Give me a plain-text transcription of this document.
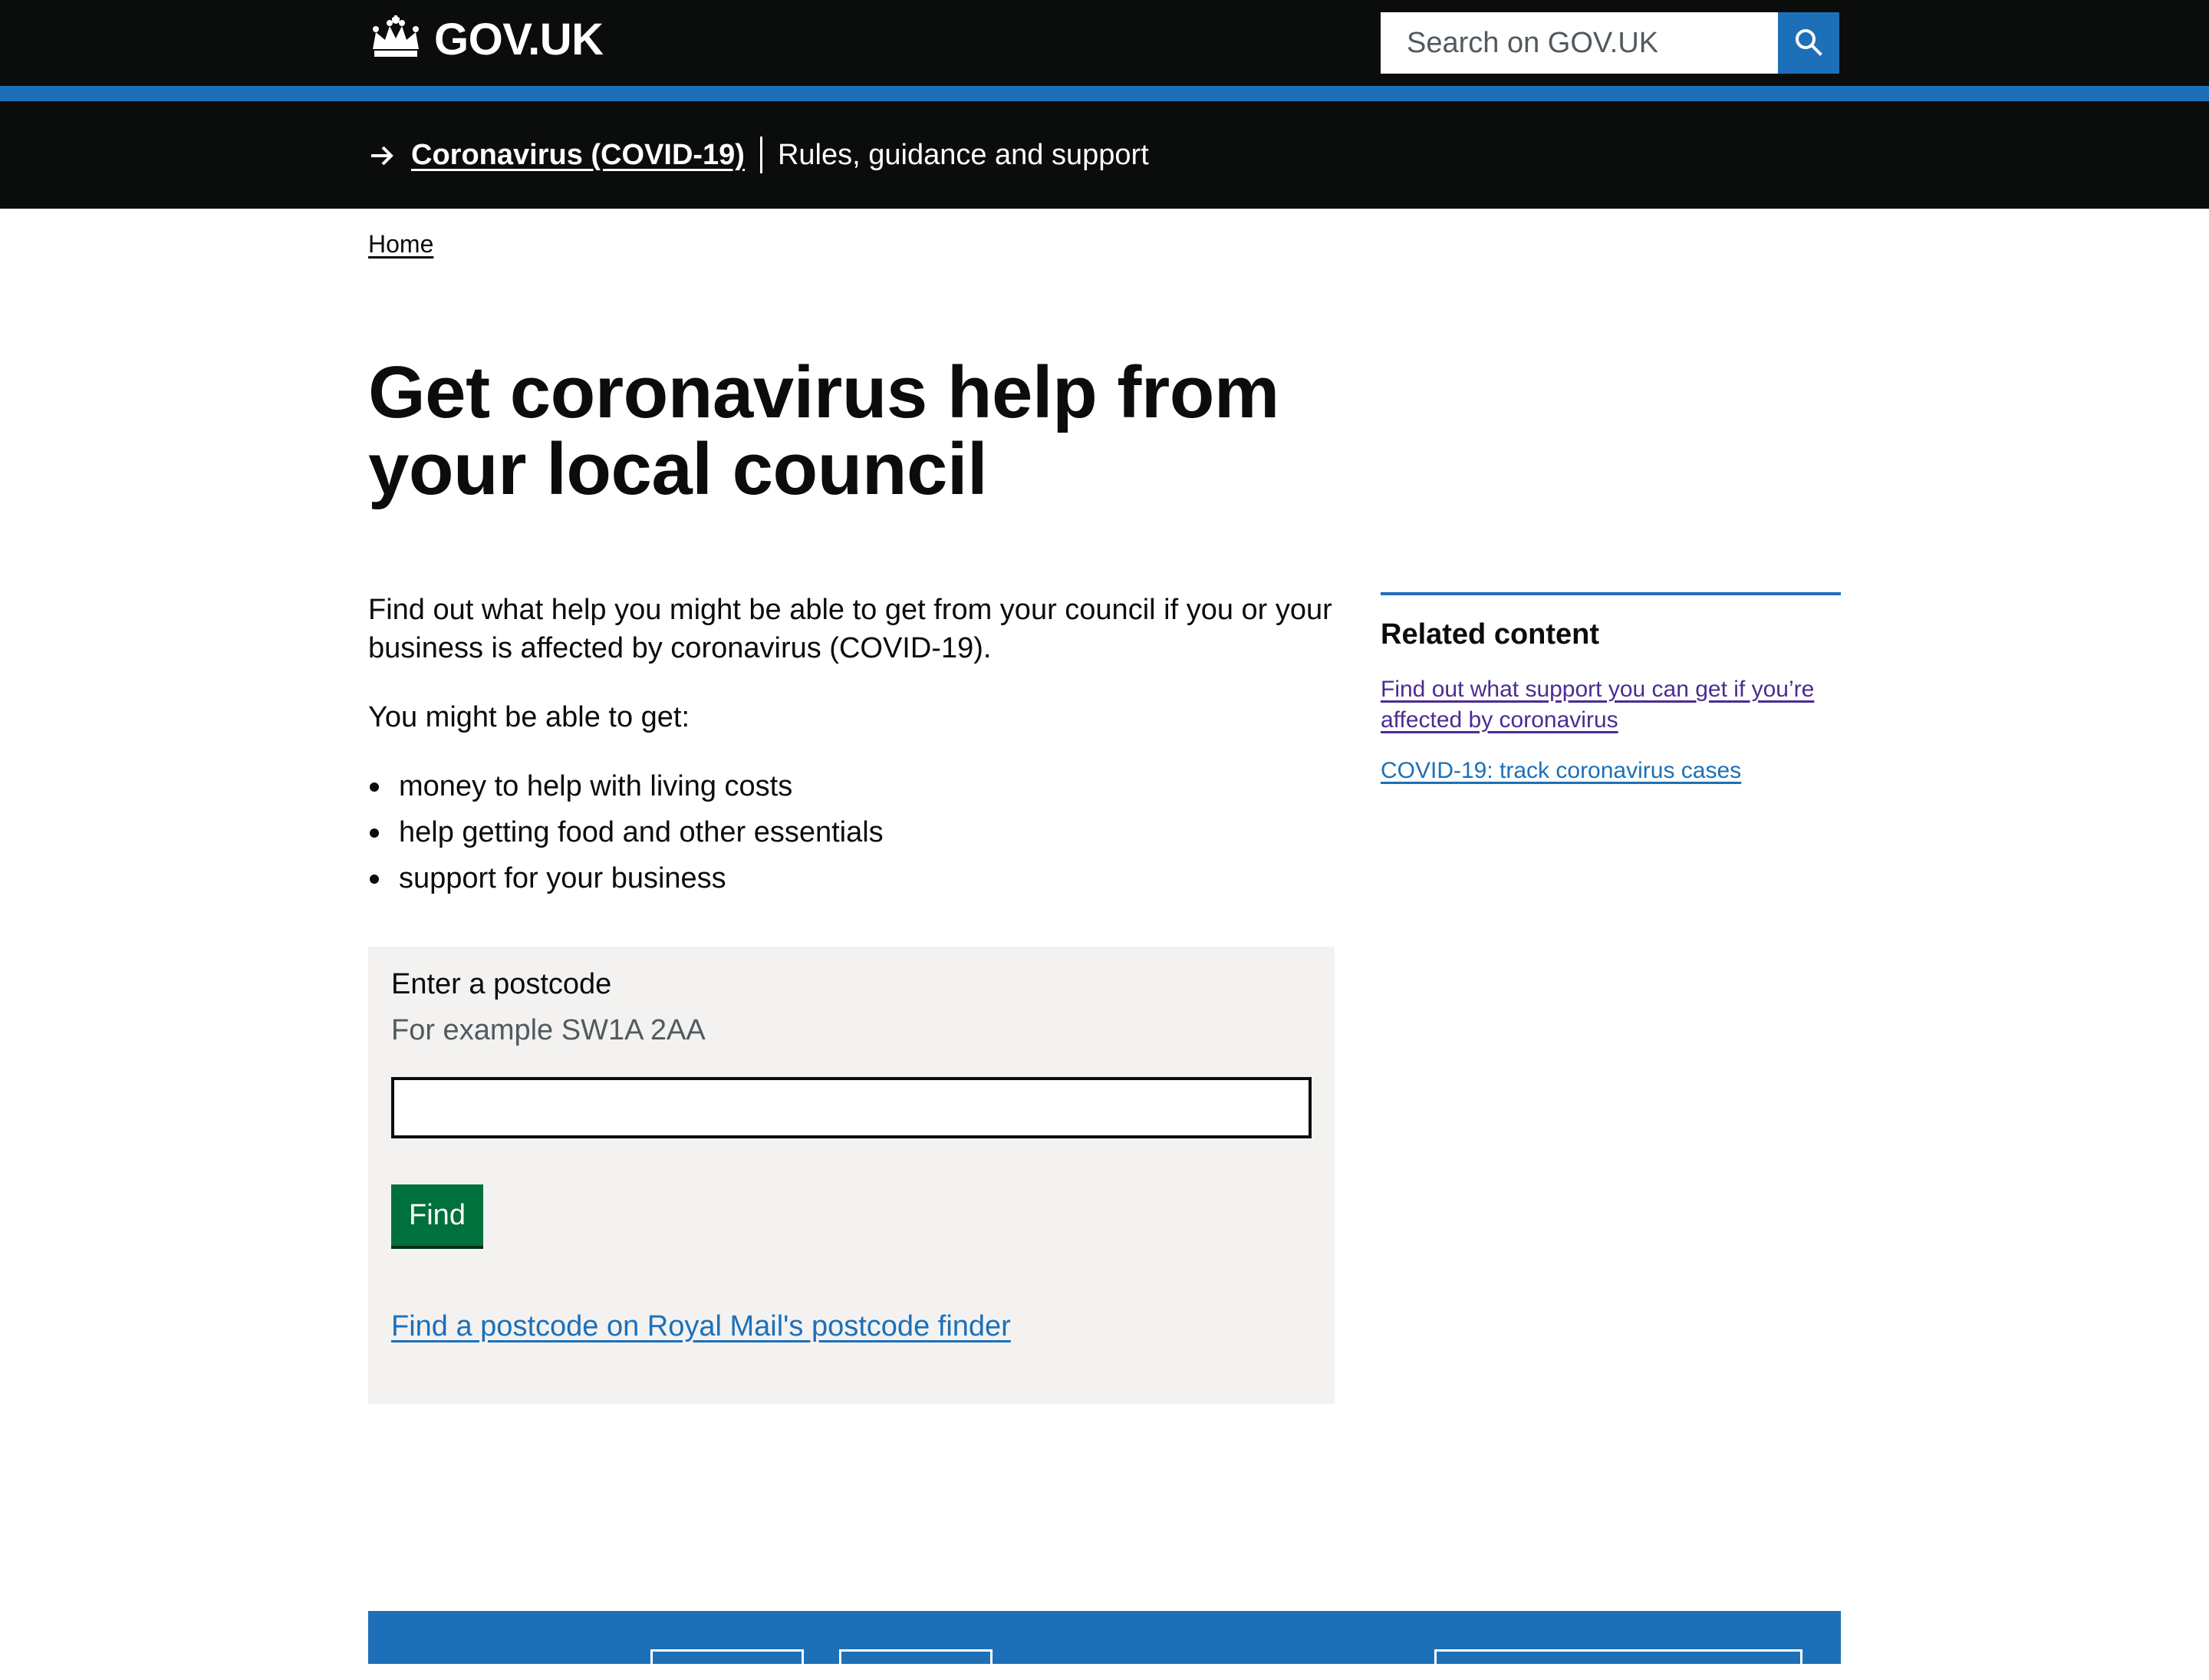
GOV.UK
Search on GOV.UK
Coronavirus (COVID-19) Rules, guidance and support
Home
Get coronavirus help from your local council

Find out what help you might be able to get from your council if you or your business is affected by coronavirus (COVID-19).

You might be able to get:

money to help with living costs
help getting food and other essentials
support for your business
Enter a postcode
For example SW1A 2AA
Find
Find a postcode on Royal Mail's postcode finder
Related content
Find out what support you can get if you’re affected by coronavirus
COVID-19: track coronavirus cases
